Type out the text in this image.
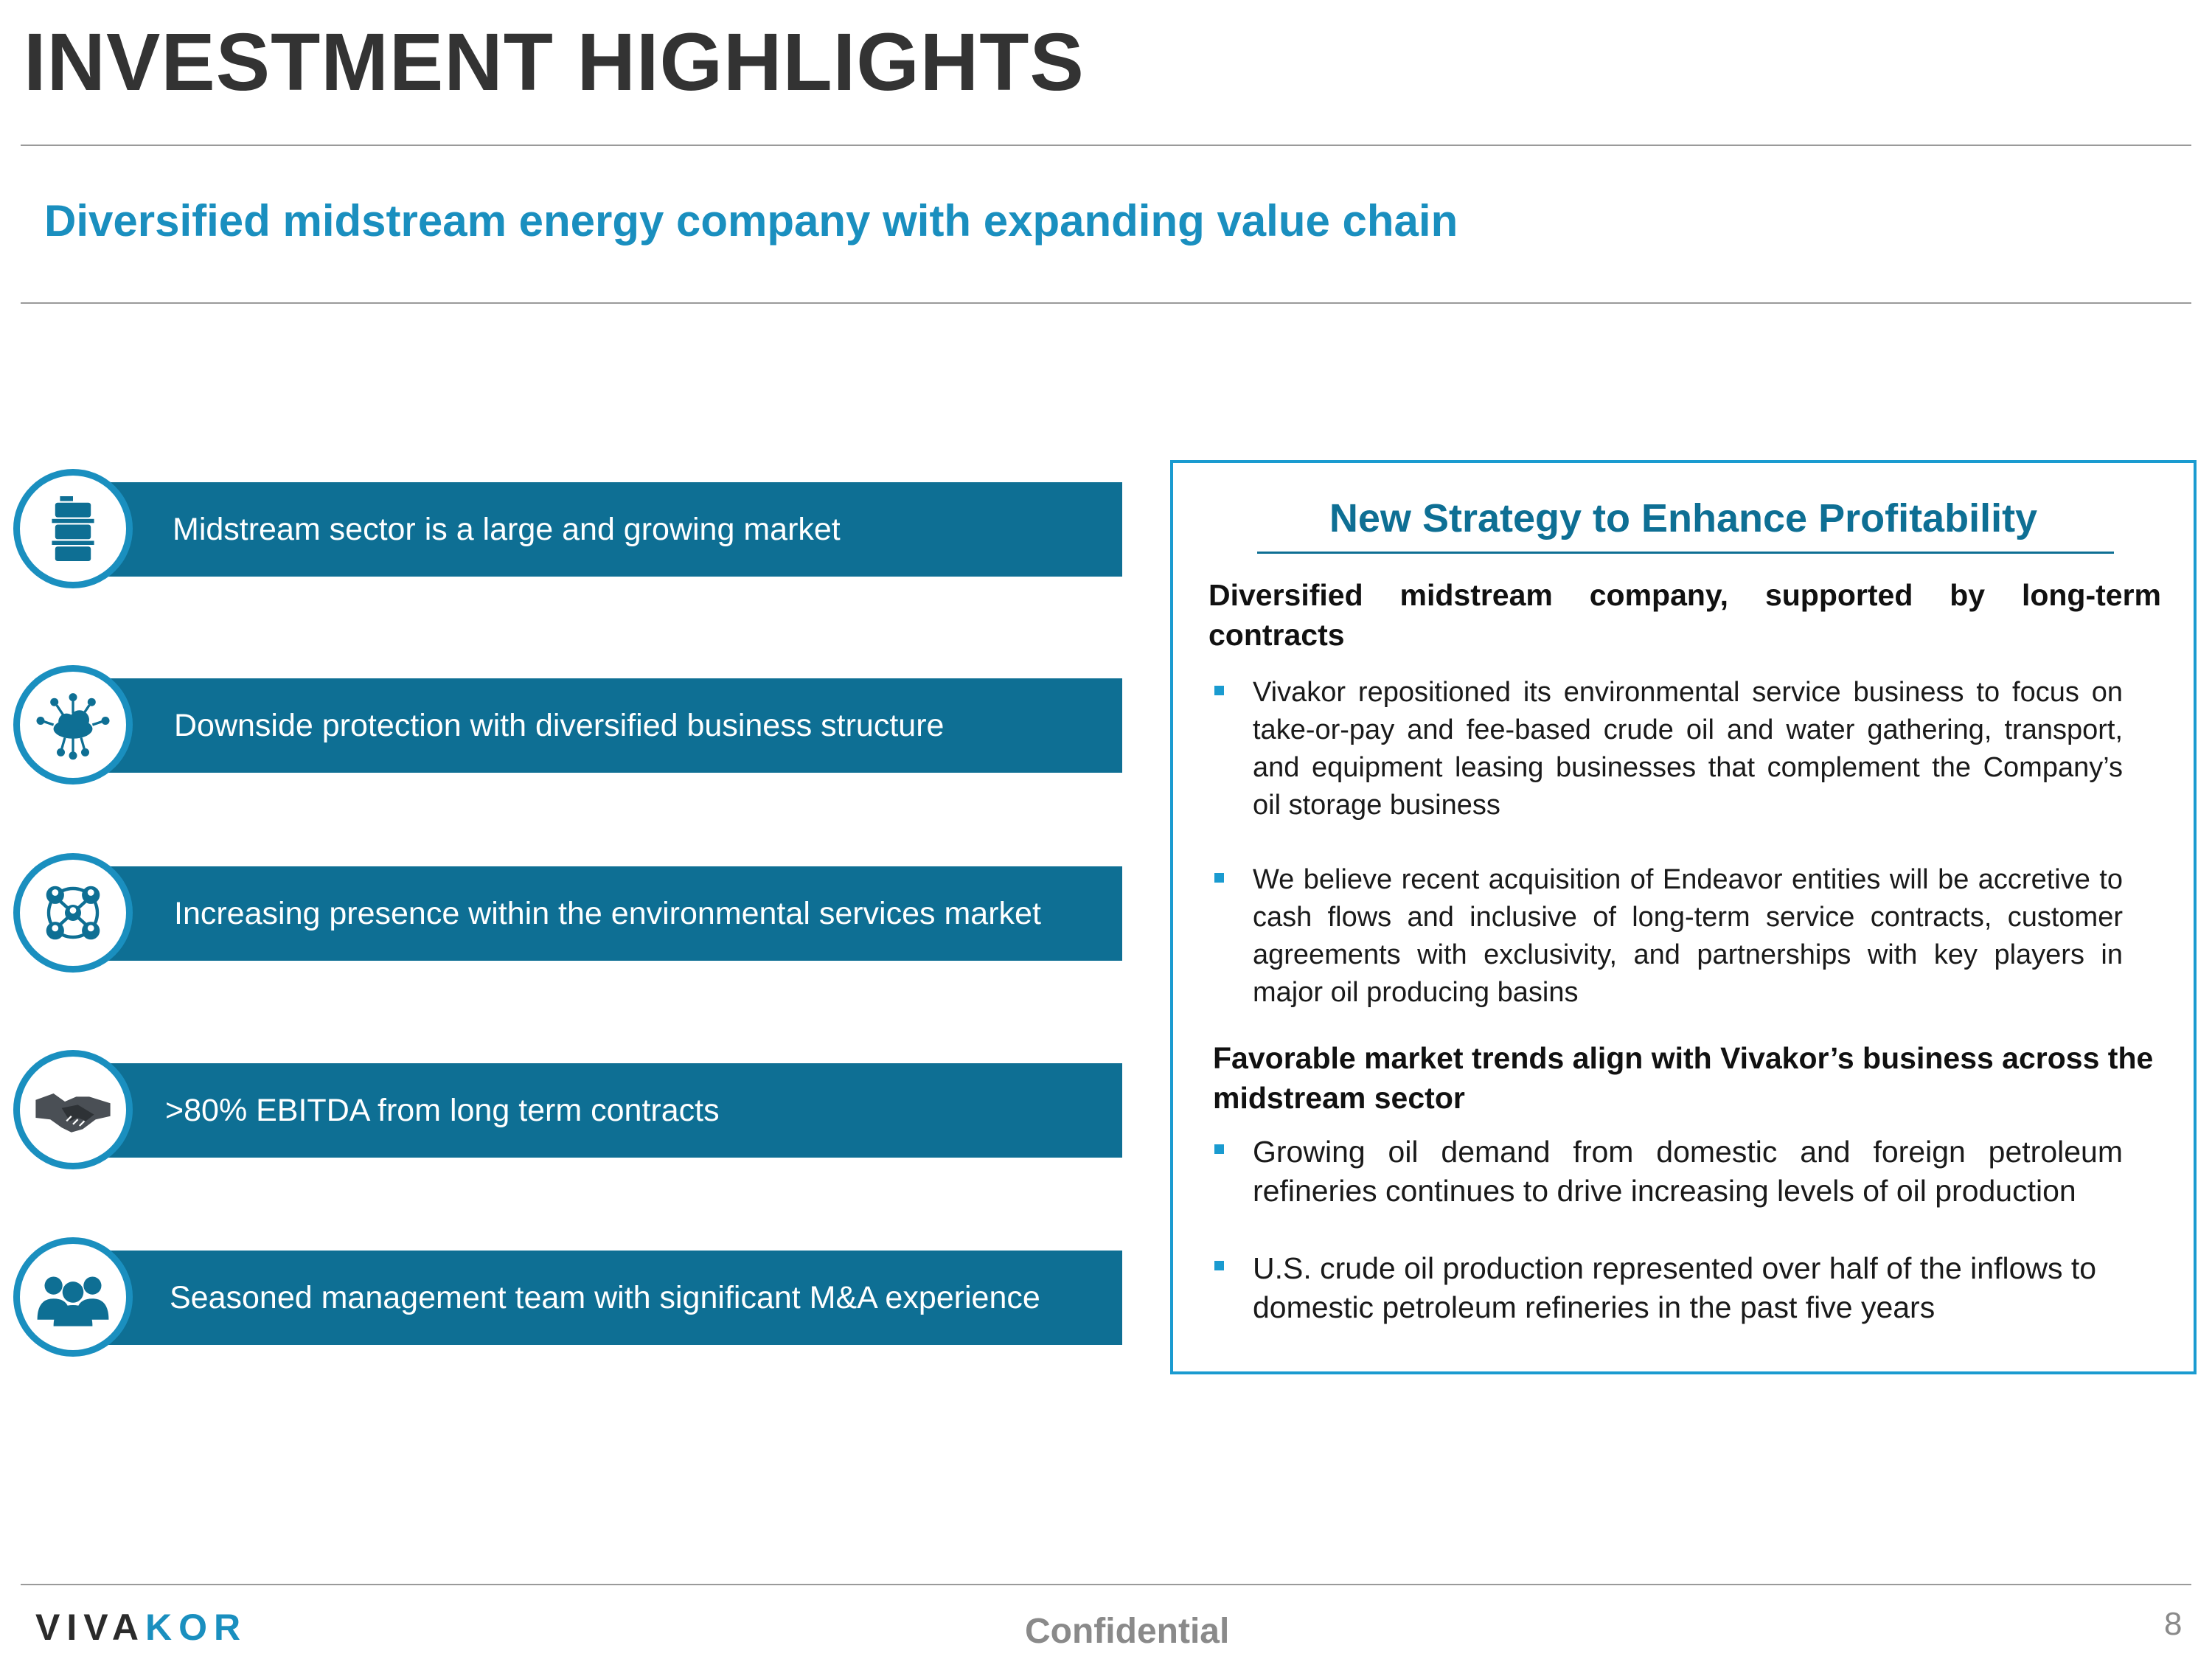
INVESTMENT HIGHLIGHTS
Diversified midstream energy company with expanding value chain
Midstream sector is a large and growing market
Downside protection with diversified business structure
Increasing presence within the environmental services market
>80% EBITDA from long term contracts
Seasoned management team with significant M&A experience
New Strategy to Enhance Profitability
Diversified midstream company, supported by long-term contracts
Vivakor repositioned its environmental service business to focus on take-or-pay and fee-based crude oil and water gathering, transport, and equipment leasing businesses that complement the Company’s oil storage business
We believe recent acquisition of Endeavor entities will be accretive to cash flows and inclusive of long-term service contracts, customer agreements with exclusivity, and partnerships with key players in major oil producing basins
Favorable market trends align with Vivakor’s business across the midstream sector
Growing oil demand from domestic and foreign petroleum refineries continues to drive increasing levels of oil production
U.S. crude oil production represented over half of the inflows to domestic petroleum refineries in the past five years
VIVAKOR	Confidential	8
